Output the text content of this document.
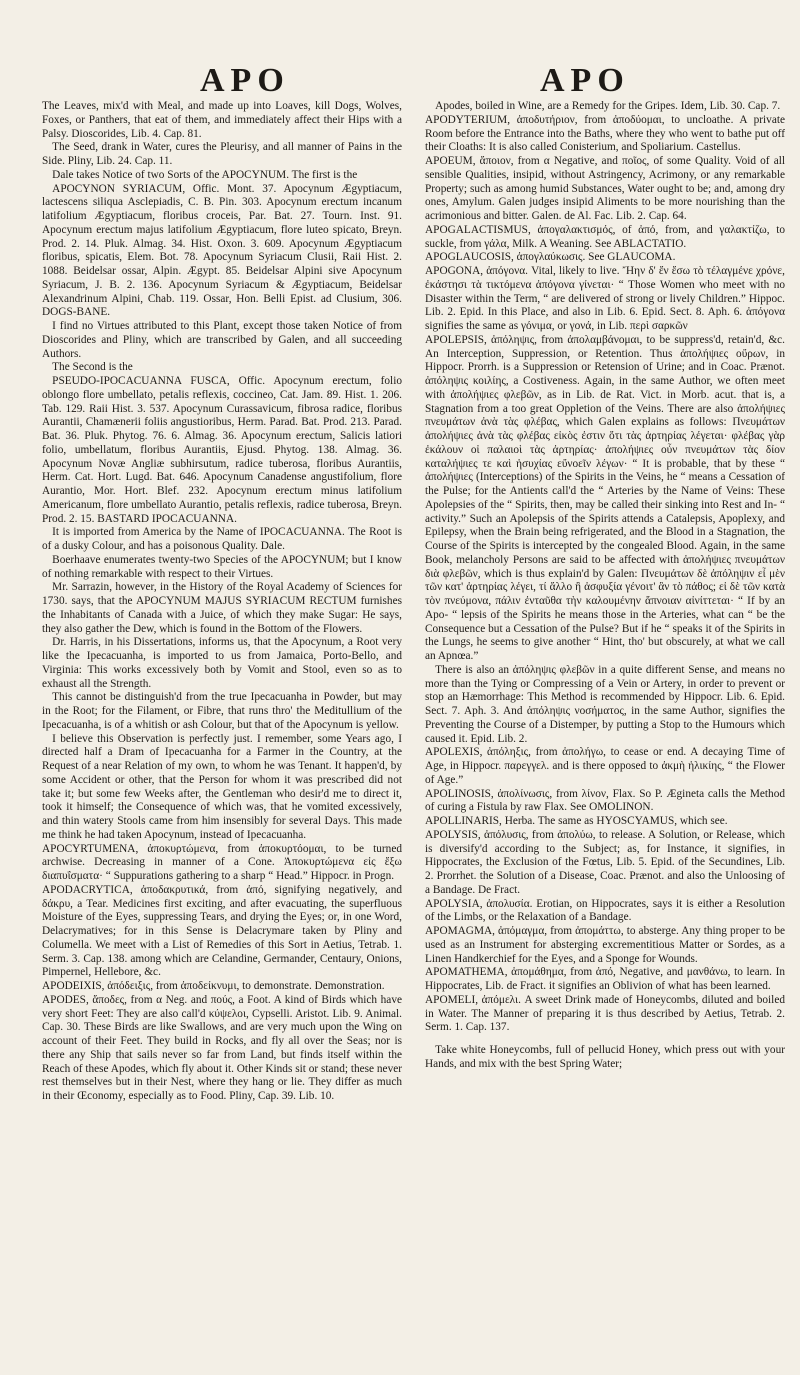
APO	APO

The Leaves, mix'd with Meal, and made up into Loaves, kill Dogs, Wolves, Foxes, or Panthers, that eat of them, and immediately affect their Hips with a Palsy. Dioscorides, Lib. 4. Cap. 81.

The Seed, drank in Water, cures the Pleurisy, and all manner of Pains in the Side. Pliny, Lib. 24. Cap. 11.

Dale takes Notice of two Sorts of the APOCYNUM. The first is the

APOCYNON SYRIACUM, Offic. Mont. 37. Apocynum Ægyptiacum, lactescens siliqua Asclepiadis, C. B. Pin. 303. Apocynum erectum incanum latifolium Ægyptiacum, floribus croceis, Par. Bat. 27. Tourn. Inst. 91. Apocynum erectum majus latifolium Ægyptiacum, flore luteo spicato, Breyn. Prod. 2. 14. Pluk. Almag. 34. Hist. Oxon. 3. 609. Apocynum Ægyptiacum floribus, spicatis, Elem. Bot. 78. Apocynum Syriacum Clusii, Raii Hist. 2. 1088. Beidelsar ossar, Alpin. Ægypt. 85. Beidelsar Alpini sive Apocynum Syriacum, J. B. 2. 136. Apocynum Syriacum & Ægyptiacum, Beidelsar Alexandrinum Alpini, Chab. 119. Ossar, Hon. Belli Epist. ad Clusium, 306. DOGS-BANE.

I find no Virtues attributed to this Plant, except those taken Notice of from Dioscorides and Pliny, which are transcribed by Galen, and all succeeding Authors.

The Second is the

PSEUDO-IPOCACUANNA FUSCA, Offic. Apocynum erectum, folio oblongo flore umbellato, petalis reflexis, coccineo, Cat. Jam. 89. Hist. 1. 206. Tab. 129. Raii Hist. 3. 537. Apocynum Curassavicum, fibrosa radice, floribus Aurantii, Chamænerii foliis angustioribus, Herm. Parad. Bat. Prod. 213. Parad. Bat. 36. Pluk. Phytog. 76. 6. Almag. 36. Apocynum erectum, Salicis latiori folio, umbellatum, floribus Aurantiis, Ejusd. Phytog. 138. Almag. 36. Apocynum Novæ Angliæ subhirsutum, radice tuberosa, floribus Aurantiis, Herm. Cat. Hort. Lugd. Bat. 646. Apocynum Canadense angustifolium, flore Aurantio, Mor. Hort. Blef. 232. Apocynum erectum minus latifolium Americanum, flore umbellato Aurantio, petalis reflexis, radice tuberosa, Breyn. Prod. 2. 15. BASTARD IPOCACUANNA.

It is imported from America by the Name of IPOCACUANNA. The Root is of a dusky Colour, and has a poisonous Quality. Dale.

Boerhaave enumerates twenty-two Species of the APOCYNUM; but I know of nothing remarkable with respect to their Virtues.

Mr. Sarrazin, however, in the History of the Royal Academy of Sciences for 1730. says, that the APOCYNUM MAJUS SYRIACUM RECTUM furnishes the Inhabitants of Canada with a Juice, of which they make Sugar: He says, they also gather the Dew, which is found in the Bottom of the Flowers.

Dr. Harris, in his Dissertations, informs us, that the Apocynum, a Root very like the Ipecacuanha, is imported to us from Jamaica, Porto-Bello, and Virginia: This works excessively both by Vomit and Stool, even so as to exhaust all the Strength.

This cannot be distinguish'd from the true Ipecacuanha in Powder, but may in the Root; for the Filament, or Fibre, that runs thro' the Meditullium of the Ipecacuanha, is of a whitish or ash Colour, but that of the Apocynum is yellow.

I believe this Observation is perfectly just. I remember, some Years ago, I directed half a Dram of Ipecacuanha for a Farmer in the Country, at the Request of a near Relation of my own, to whom he was Tenant. It happen'd, by some Accident or other, that the Person for whom it was prescribed did not take it; but some few Weeks after, the Gentleman who desir'd me to direct it, took it himself; the Consequence of which was, that he vomited excessively, and thin watery Stools came from him insensibly for several Days. This made me think he had taken Apocynum, instead of Ipecacuanha.

APOCYRTUMENA, ἀποκυρτώμενα, from ἀποκυρτόομαι, to be turned archwise. Decreasing in manner of a Cone. Ἀποκυρτώμενα εἰς ἔξω διαπυΐσματα· “ Suppurations gathering to a sharp “ Head.” Hippocr. in Progn.

APODACRYTICA, ἀποδακρυτικά, from ἀπό, signifying negatively, and δάκρυ, a Tear. Medicines first exciting, and after evacuating, the superfluous Moisture of the Eyes, suppressing Tears, and drying the Eyes; or, in one Word, Delacrymatives; for in this Sense is Delacrymare taken by Pliny and Columella. We meet with a List of Remedies of this Sort in Aetius, Tetrab. 1. Serm. 3. Cap. 138. among which are Celandine, Germander, Centaury, Onions, Pimpernel, Hellebore, &c.

APODEIXIS, ἀπόδειξις, from ἀποδείκνυμι, to demonstrate. Demonstration.

APODES, ἄποδες, from α Neg. and πούς, a Foot. A kind of Birds which have very short Feet: They are also call'd κύψελοι, Cypselli. Aristot. Lib. 9. Animal. Cap. 30. These Birds are like Swallows, and are very much upon the Wing on account of their Feet. They build in Rocks, and fly all over the Seas; nor is there any Ship that sails never so far from Land, but finds itself within the Reach of these Apodes, which fly about it. Other Kinds sit or stand; these never rest themselves but in their Nest, where they hang or lie. They differ as much in their Œconomy, especially as to Food. Pliny, Cap. 39. Lib. 10.

Apodes, boiled in Wine, are a Remedy for the Gripes. Idem, Lib. 30. Cap. 7.

APODYTERIUM, ἀποδυτήριον, from ἀποδύομαι, to uncloathe. A private Room before the Entrance into the Baths, where they who went to bathe put off their Cloaths: It is also called Conisterium, and Spoliarium. Castellus.

APOEUM, ἄποιον, from α Negative, and ποῖος, of some Quality. Void of all sensible Qualities, insipid, without Astringency, Acrimony, or any remarkable Property; such as among humid Substances, Water ought to be; and, among dry ones, Amylum. Galen judges insipid Aliments to be more nourishing than the acrimonious and bitter. Galen. de Al. Fac. Lib. 2. Cap. 64.

APOGALACTISMUS, ἀπογαλακτισμός, of ἀπό, from, and γαλακτίζω, to suckle, from γάλα, Milk. A Weaning. See ABLACTATIO.

APOGLAUCOSIS, ἀπογλαύκωσις. See GLAUCOMA.

APOGONA, ἀπόγονα. Vital, likely to live. Ἤην δ' ἔν ἔσω τὸ τέλαγμένε χρόνε, ἐκάστησι τὰ τικτόμενα ἀπόγονα γίνεται· “ Those Women who meet with no Disaster within the Term, “ are delivered of strong or lively Children.” Hippoc. Lib. 2. Epid. In this Place, and also in Lib. 6. Epid. Sect. 8. Aph. 6. ἀπόγονα signifies the same as γόνιμα, or γονά, in Lib. περὶ σαρκῶν

APOLEPSIS, ἀπόληψις, from ἀπολαμβάνομαι, to be suppress'd, retain'd, &c. An Interception, Suppression, or Retention. Thus ἀπολήψιες οὔρων, in Hippocr. Prorrh. is a Suppression or Retension of Urine; and in Coac. Prænot. ἀπόληψις κοιλίης, a Costiveness. Again, in the same Author, we often meet with ἀπολήψιες φλεβῶν, as in Lib. de Rat. Vict. in Morb. acut. that is, a Stagnation from a too great Oppletion of the Veins. There are also ἀπολήψιες πνευμάτων ἀνὰ τὰς φλέβας, which Galen explains as follows: Πνευμάτων ἀπολήψιες ἀνὰ τὰς φλέβας εἰκὸς ἐστιν ὅτι τὰς ἀρτηρίας λέγεται· φλέβας γὰρ ἐκάλουν οἱ παλαιοὶ τὰς ἀρτηρίας· ἀπολήψιες οὖν πνευμάτων τὰς δίον καταλήψιες τε καὶ ἡσυχίας εὔνοεῖν λέγων· “ It is probable, that by these “ ἀπολήψιες (Interceptions) of the Spirits in the Veins, he “ means a Cessation of the Pulse; for the Antients call'd the “ Arteries by the Name of Veins: These Apolepsies of the “ Spirits, then, may be called their sinking into Rest and In- “ activity.” Such an Apolepsis of the Spirits attends a Catalepsis, Apoplexy, and Epilepsy, when the Brain being refrigerated, and the Blood in a Stagnation, the Course of the Spirits is intercepted by the congealed Blood. Again, in the same Book, melancholy Persons are said to be affected with ἀπολήψιες πνευμάτων διὰ φλεβῶν, which is thus explain'd by Galen: Πνευμάτων δὲ ἀπόληψιν εἶ μὲν τῶν κατ' ἀρτηρίας λέγει, τί ἄλλο ἢ ἀσφυξία γένοιτ' ἂν τὸ πάθος; εἰ δὲ τῶν κατὰ τὸν πνεύμονα, πάλιν ἐνταῦθα τὴν καλουμένην ἄπνοιαν αἰνίττεται· “ If by an Apo- “ lepsis of the Spirits he means those in the Arteries, what can “ be the Consequence but a Cessation of the Pulse? But if he “ speaks it of the Spirits in the Lungs, he seems to give another “ Hint, tho' but obscurely, at what we call an Apnœa.”

There is also an ἀπόληψις φλεβῶν in a quite different Sense, and means no more than the Tying or Compressing of a Vein or Artery, in order to prevent or stop an Hæmorrhage: This Method is recommended by Hippocr. Lib. 6. Epid. Sect. 7. Aph. 3. And ἀπόληψις νοσήματος, in the same Author, signifies the Preventing the Course of a Distemper, by putting a Stop to the Humours which caused it. Epid. Lib. 2.

APOLEXIS, ἀπόληξις, from ἀπολήγω, to cease or end. A decaying Time of Age, in Hippocr. παρεγγελ. and is there opposed to ἀκμὴ ἡλικίης, “ the Flower of Age.”

APOLINOSIS, ἀπολίνωσις, from λίνον, Flax. So P. Ægineta calls the Method of curing a Fistula by raw Flax. See OMOLINON.

APOLLINARIS, Herba. The same as HYOSCYAMUS, which see.

APOLYSIS, ἀπόλυσις, from ἀπολύω, to release. A Solution, or Release, which is diversify'd according to the Subject; as, for Instance, it signifies, in Hippocrates, the Exclusion of the Fœtus, Lib. 5. Epid. of the Secundines, Lib. 2. Prorrhet. the Solution of a Disease, Coac. Prænot. and also the Unloosing of a Bandage. De Fract.

APOLYSIA, ἀπολυσία. Erotian, on Hippocrates, says it is either a Resolution of the Limbs, or the Relaxation of a Bandage.

APOMAGMA, ἀπόμαγμα, from ἀπομάττω, to absterge. Any thing proper to be used as an Instrument for absterging excrementitious Matter or Sordes, as a Linen Handkerchief for the Eyes, and a Sponge for Wounds.

APOMATHEMA, ἀπομάθημα, from ἀπό, Negative, and μανθάνω, to learn. In Hippocrates, Lib. de Fract. it signifies an Oblivion of what has been learned.

APOMELI, ἀπόμελι. A sweet Drink made of Honeycombs, diluted and boiled in Water. The Manner of preparing it is thus described by Aetius, Tetrab. 2. Serm. 1. Cap. 137.

Take white Honeycombs, full of pellucid Honey, which press out with your Hands, and mix with the best Spring Water;
